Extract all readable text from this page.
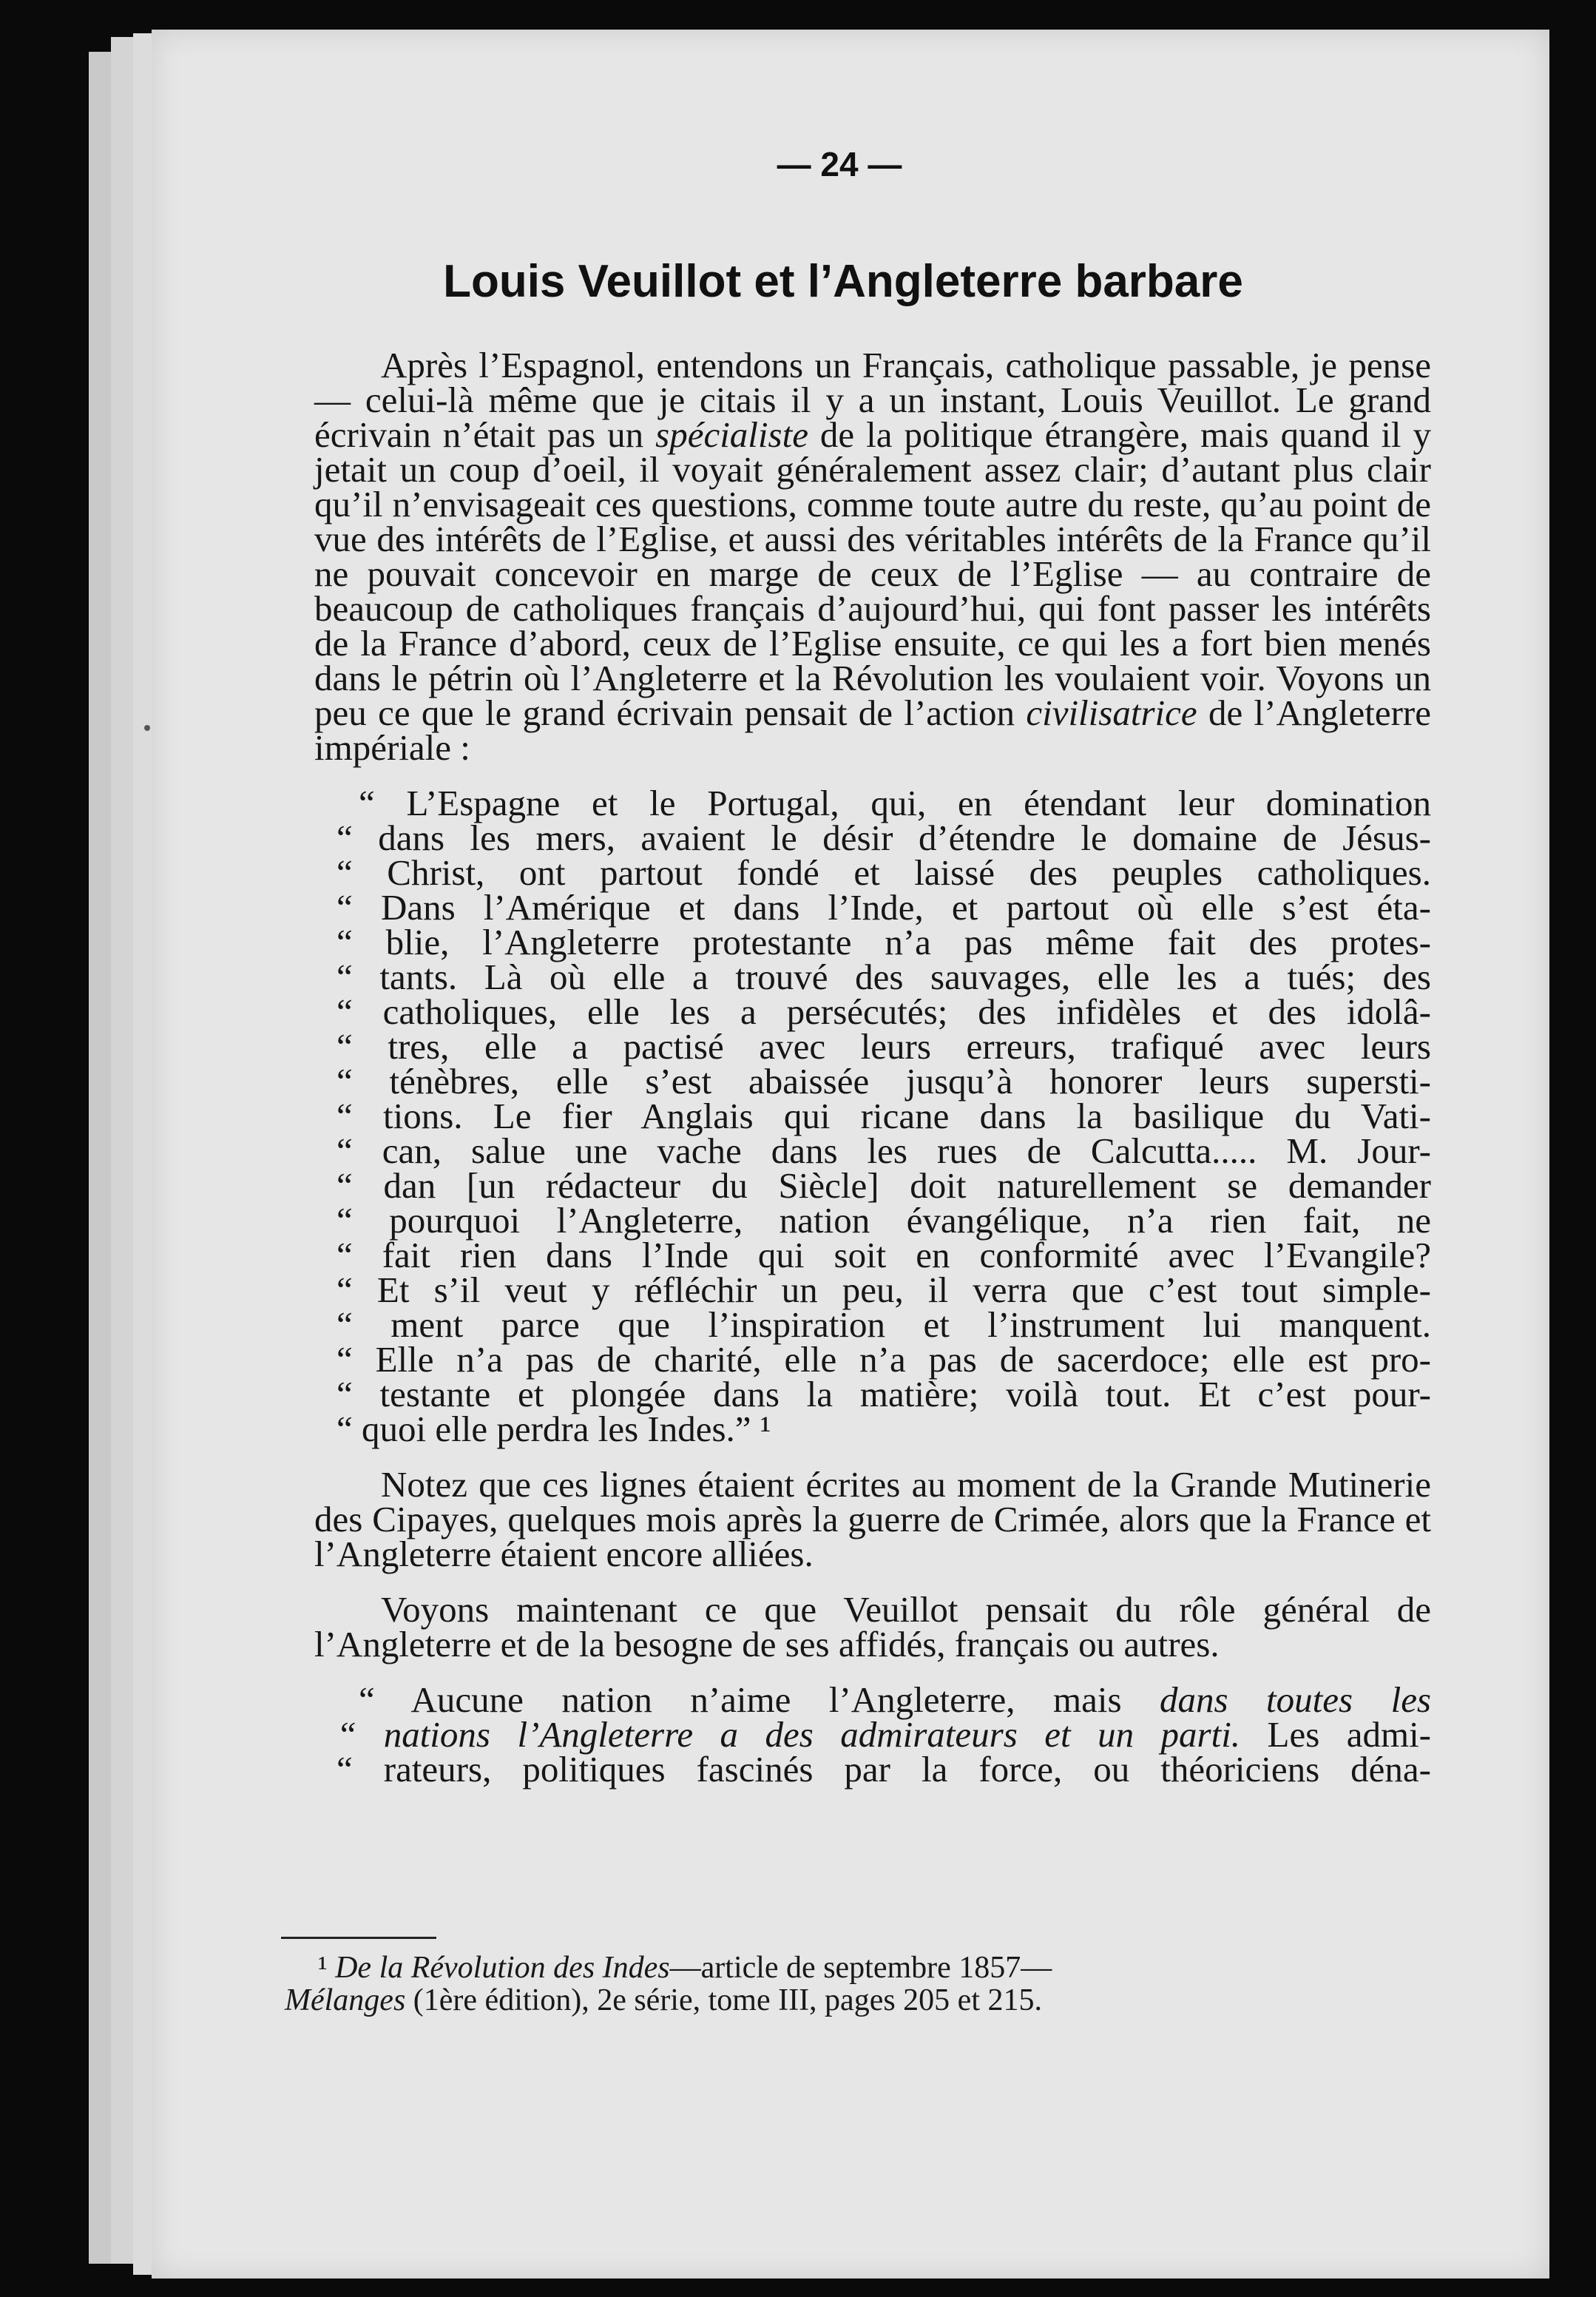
— 24 —
Louis Veuillot et l’Angleterre barbare

Après l’Espagnol, entendons un Français, catholique passable, je pense — celui-là même que je citais il y a un instant, Louis Veuillot. Le grand écrivain n’était pas un spécialiste de la politique étrangère, mais quand il y jetait un coup d’oeil, il voyait généralement assez clair; d’autant plus clair qu’il n’envisageait ces questions, comme toute autre du reste, qu’au point de vue des intérêts de l’Eglise, et aussi des véritables intérêts de la France qu’il ne pouvait concevoir en marge de ceux de l’Eglise — au contraire de beaucoup de catholiques français d’aujourd’hui, qui font passer les intérêts de la France d’abord, ceux de l’Eglise ensuite, ce qui les a fort bien menés dans le pétrin où l’Angleterre et la Révolution les voulaient voir. Voyons un peu ce que le grand écrivain pensait de l’action civilisatrice de l’Angleterre impériale :

“ L’Espagne et le Portugal, qui, en étendant leur domination
“ dans les mers, avaient le désir d’étendre le domaine de Jésus-
“ Christ, ont partout fondé et laissé des peuples catholiques.
“ Dans l’Amérique et dans l’Inde, et partout où elle s’est éta-
“ blie, l’Angleterre protestante n’a pas même fait des protes-
“ tants. Là où elle a trouvé des sauvages, elle les a tués; des
“ catholiques, elle les a persécutés; des infidèles et des idolâ-
“ tres, elle a pactisé avec leurs erreurs, trafiqué avec leurs
“ ténèbres, elle s’est abaissée jusqu’à honorer leurs supersti-
“ tions. Le fier Anglais qui ricane dans la basilique du Vati-
“ can, salue une vache dans les rues de Calcutta..... M. Jour-
“ dan [un rédacteur du Siècle] doit naturellement se demander
“ pourquoi l’Angleterre, nation évangélique, n’a rien fait, ne
“ fait rien dans l’Inde qui soit en conformité avec l’Evangile?
“ Et s’il veut y réfléchir un peu, il verra que c’est tout simple-
“ ment parce que l’inspiration et l’instrument lui manquent.
“ Elle n’a pas de charité, elle n’a pas de sacerdoce; elle est pro-
“ testante et plongée dans la matière; voilà tout. Et c’est pour-
“ quoi elle perdra les Indes.” ¹

Notez que ces lignes étaient écrites au moment de la Grande Mutinerie des Cipayes, quelques mois après la guerre de Crimée, alors que la France et l’Angleterre étaient encore alliées.

Voyons maintenant ce que Veuillot pensait du rôle général de l’Angleterre et de la besogne de ses affidés, français ou autres.

“ Aucune nation n’aime l’Angleterre, mais dans toutes les
“ nations l’Angleterre a des admirateurs et un parti. Les admi-
“ rateurs, politiques fascinés par la force, ou théoriciens déna-

¹ De la Révolution des Indes—article de septembre 1857—
Mélanges (1ère édition), 2e série, tome III, pages 205 et 215.
